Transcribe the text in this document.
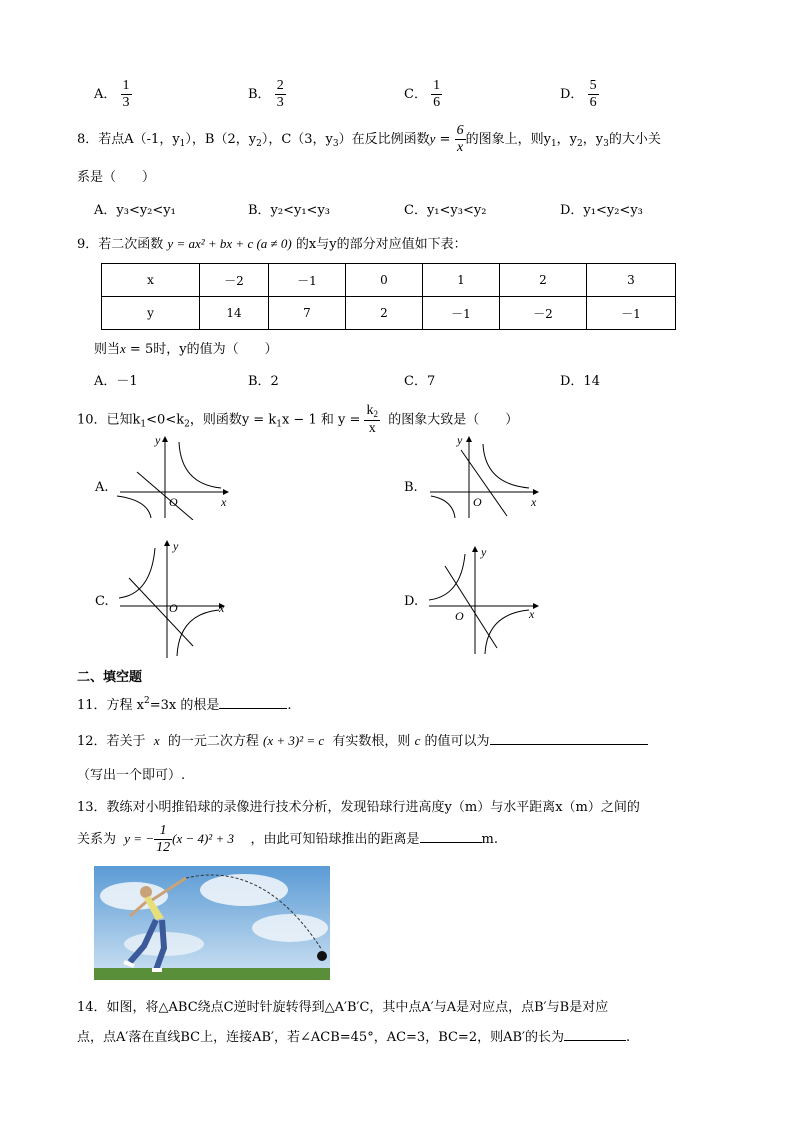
A． $\frac{1}{3}$	B． $\frac{2}{3}$	C． $\frac{1}{6}$	D． $\frac{5}{6}$
8．若点A（-1，$y_1$），B（2，$y_2$），C（3，$y_3$）在反比例函数$y = \frac{6}{x}$ 的图象上，则$y_1$，$y_2$，$y_3$的大小关
系是（　　）
A．y₃<y₂<y₁	B．y₂<y₁<y₃	C．y₁<y₃<y₂	D．y₁<y₂<y₃
9．若二次函数 y = ax² + bx + c (a ≠ 0) 的x与y的部分对应值如下表：
x	－2	－1	0	1	2	3
y	14	7	2	－1	－2	－1
则当x = 5时，y的值为（　　）
A．－1	B．2	C．7	D．14
10．已知$k_1<0<k_2$，则函数$y = k_1x - 1$ 和 $y = \frac{k_2}{x}$ 的图象大致是（　　）
A.
O	x
y
B.
O	x
y
C.	O	x
y
D.
O	x
y
二、填空题
11．方程 $x^2=3x$ 的根是	.
12．若关于 x 的一元二次方程 (x + 3)² = c 有实数根，则 c 的值可以为
（写出一个即可）.
13．教练对小明推铅球的录像进行技术分析，发现铅球行进高度y（m）与水平距离x（m）之间的
关系为 y = − $\frac{1}{12} (x - 4)^2 + 3$ ，由此可知铅球推出的距离是	m.
14．如图，将△ABC绕点C逆时针旋转得到△A′B′C，其中点A′与A是对应点，点B′与B是对应
点，点A′落在直线BC上，连接AB′，若∠ACB=45°，AC=3，BC=2，则AB′的长为	.
